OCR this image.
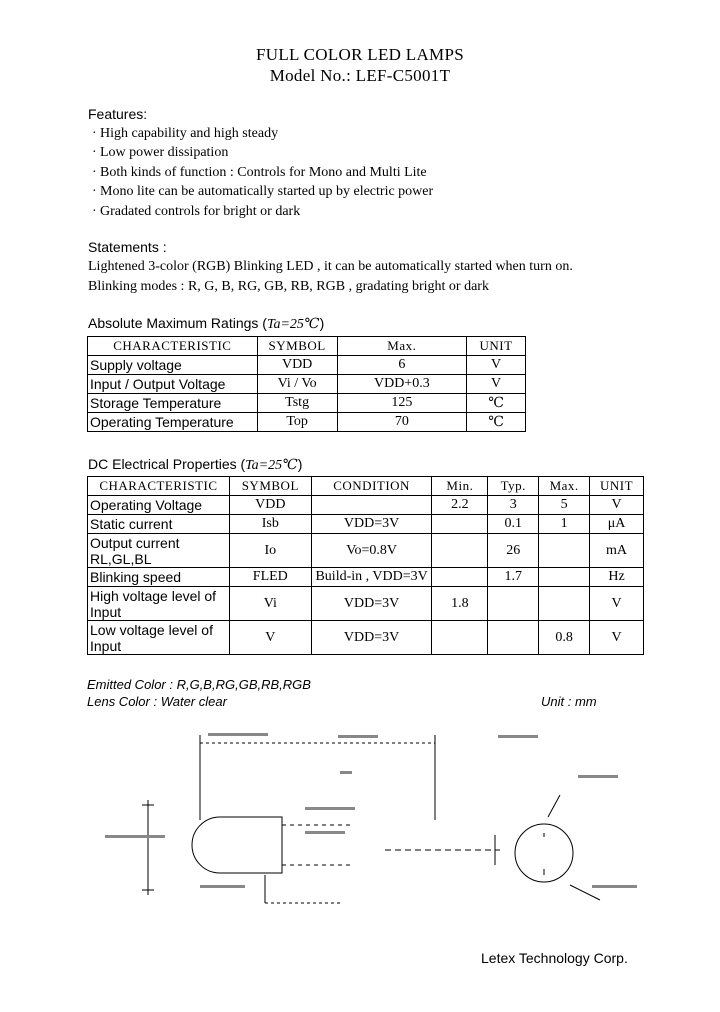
FULL COLOR LED LAMPS
Model No.: LEF-C5001T
Features:
· High capability and high steady
· Low power dissipation
· Both kinds of function : Controls for Mono and Multi Lite
· Mono lite can be automatically started up by electric power
· Gradated controls for bright or dark
Statements :
Lightened 3-color (RGB) Blinking LED , it can be automatically started when turn on.
Blinking modes : R, G, B, RG, GB, RB, RGB , gradating bright or dark
Absolute Maximum Ratings (Ta=25℃)
CHARACTERISTIC	SYMBOL	Max.	UNIT
Supply voltage	VDD	6	V
Input / Output Voltage	Vi / Vo	VDD+0.3	V
Storage Temperature	Tstg	125	℃
Operating Temperature	Top	70	℃
DC Electrical Properties (Ta=25℃)
CHARACTERISTIC	SYMBOL	CONDITION	Min.	Typ.	Max.	UNIT
Operating Voltage	VDD		2.2	3	5	V
Static current	Isb	VDD=3V		0.1	1	μA
Output current
RL,GL,BL	Io	Vo=0.8V		26		mA
Blinking speed	FLED	Build-in , VDD=3V		1.7		Hz
High voltage level of
Input	Vi	VDD=3V	1.8			V
Low voltage level of
Input	V	VDD=3V			0.8	V
Emitted Color : R,G,B,RG,GB,RB,RGB
Lens Color : Water clear	Unit : mm
Letex Technology Corp.
